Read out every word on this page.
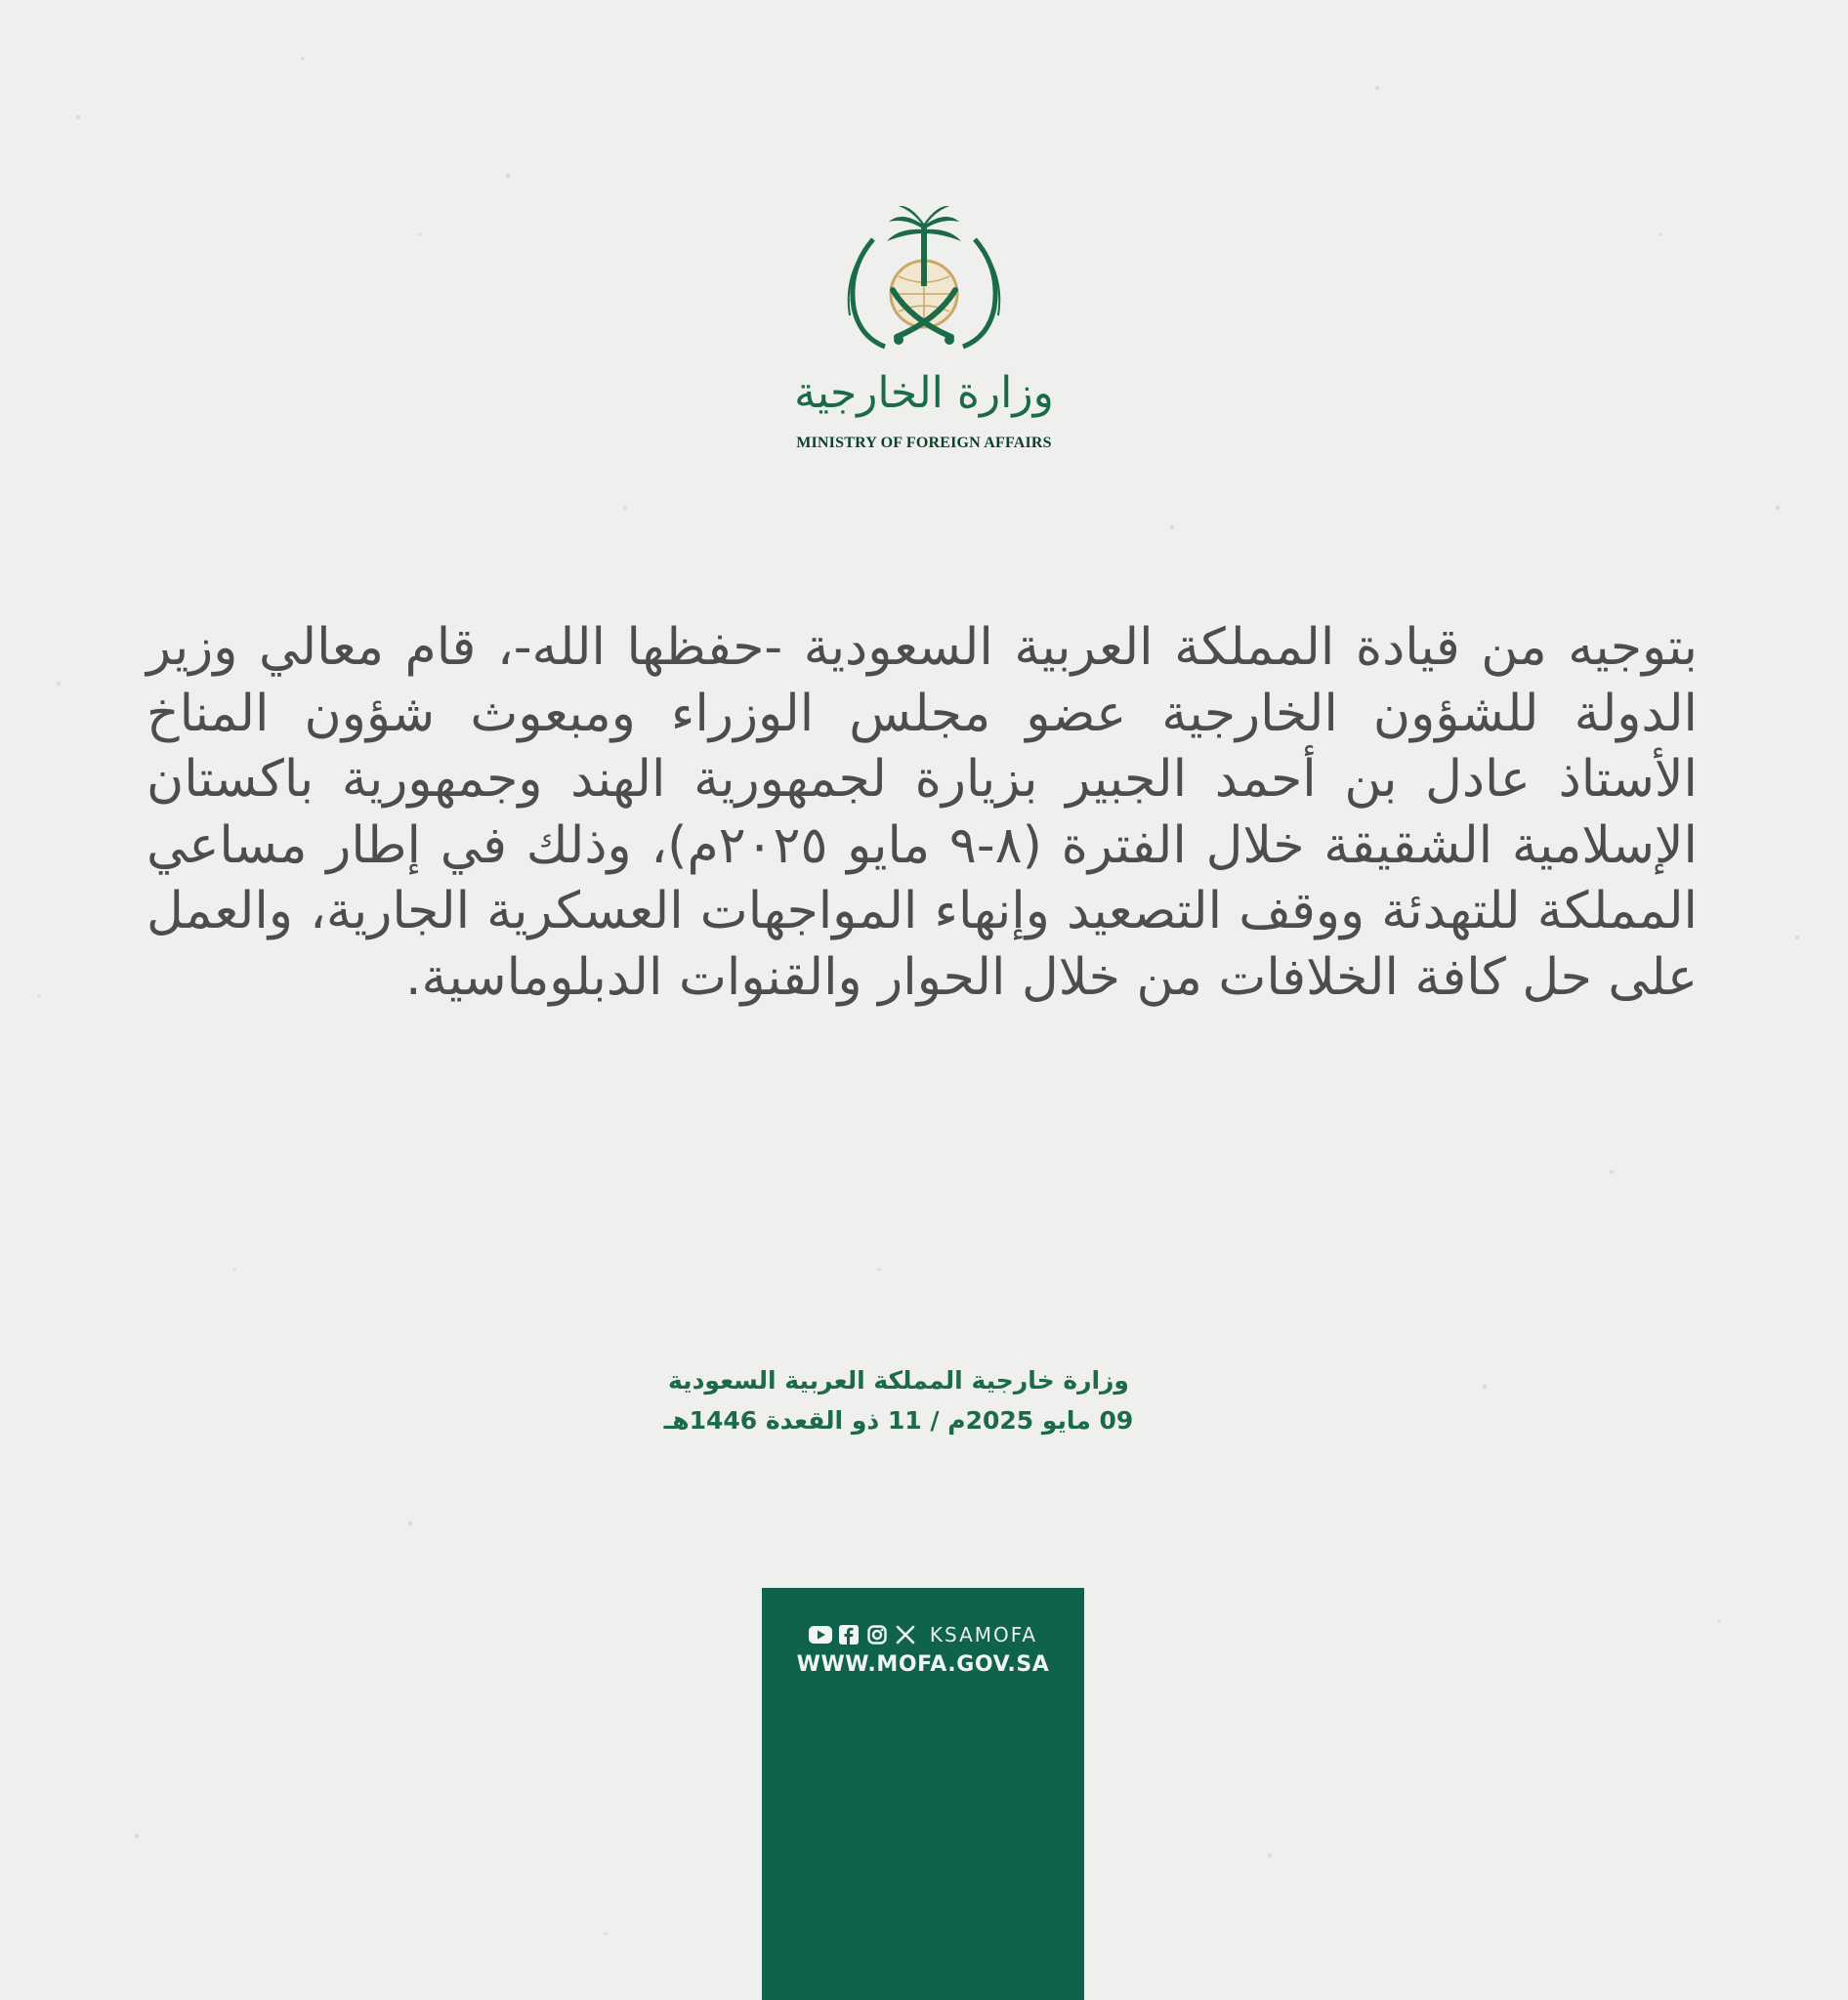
وزارة الخارجية
MINISTRY OF FOREIGN AFFAIRS

بتوجيه من قيادة المملكة العربية السعودية -حفظها الله-، قام معالي وزير الدولة للشؤون الخارجية عضو مجلس الوزراء ومبعوث شؤون المناخ الأستاذ عادل بن أحمد الجبير بزيارة لجمهورية الهند وجمهورية باكستان الإسلامية الشقيقة خلال الفترة (٨-٩ مايو ٢٠٢٥م)، وذلك في إطار مساعي المملكة للتهدئة ووقف التصعيد وإنهاء المواجهات العسكرية الجارية، والعمل على حل كافة الخلافات من خلال الحوار والقنوات الدبلوماسية.

وزارة خارجية المملكة العربية السعودية
09 مايو 2025م / 11 ذو القعدة 1446هـ
KSAMOFA
WWW.MOFA.GOV.SA
